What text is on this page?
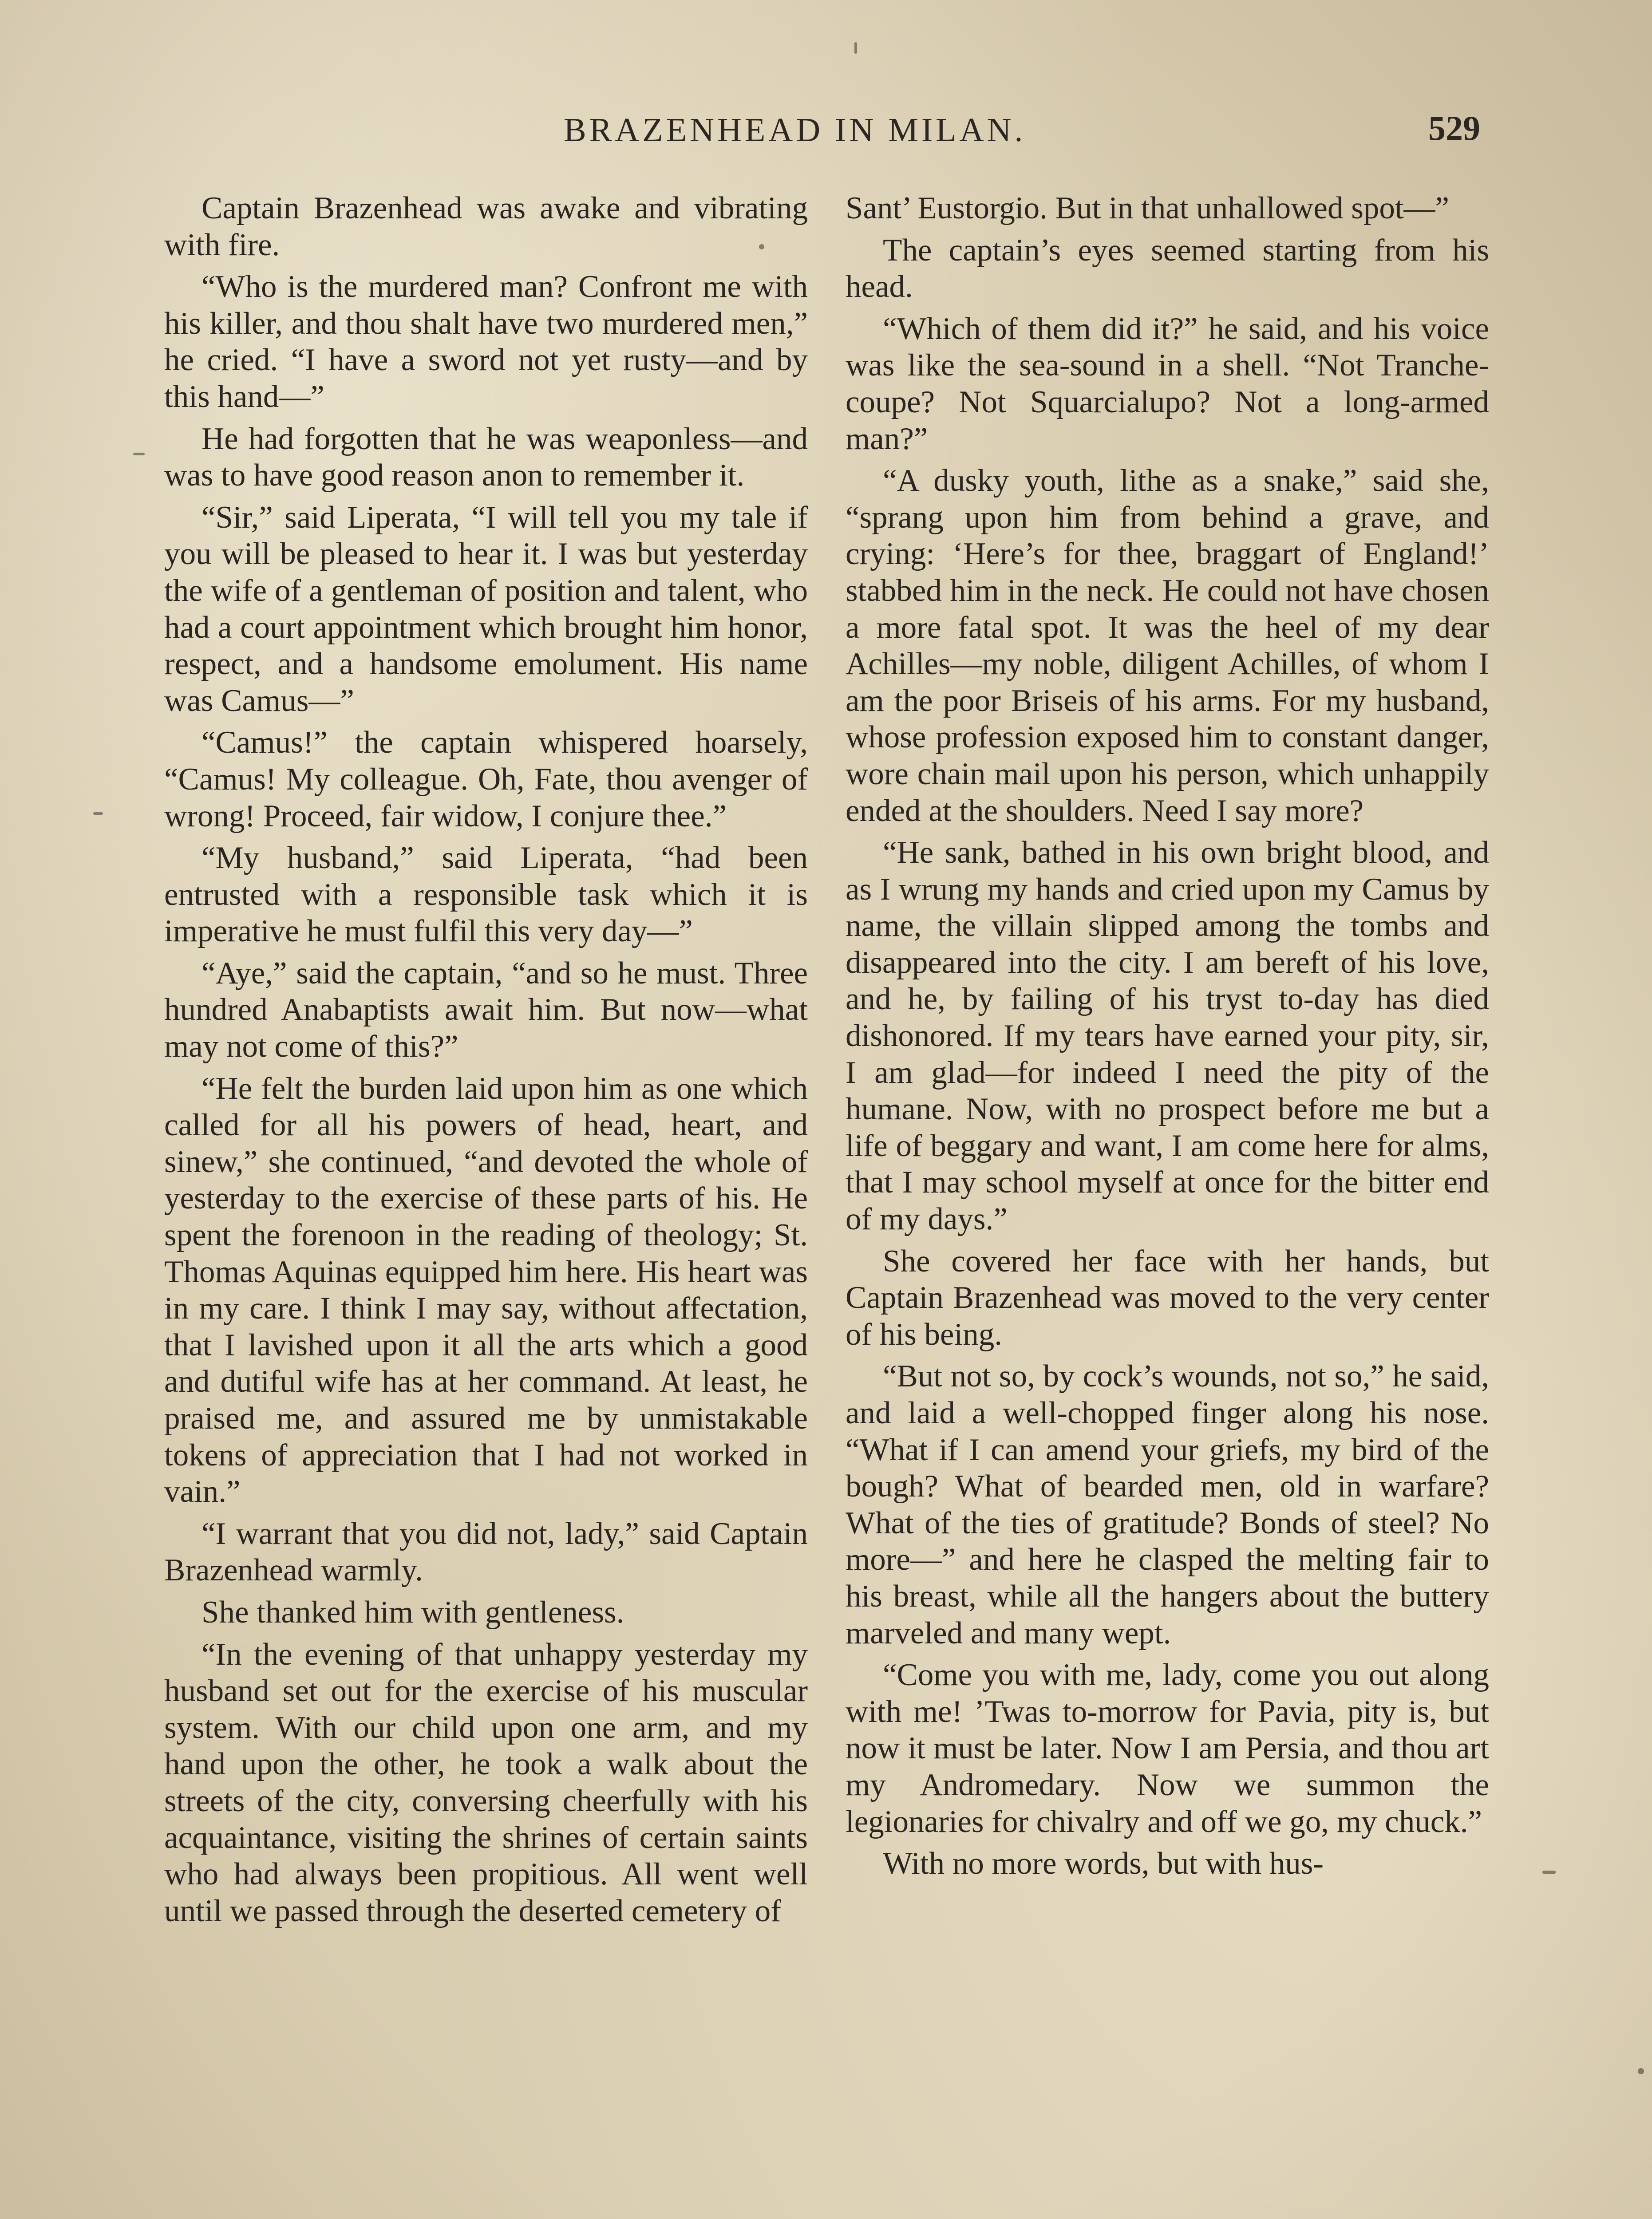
BRAZENHEAD IN MILAN.	529

Captain Brazenhead was awake and vibrating with fire.

“Who is the murdered man? Confront me with his killer, and thou shalt have two murdered men,” he cried. “I have a sword not yet rusty—and by this hand—”

He had forgotten that he was weaponless—and was to have good reason anon to remember it.

“Sir,” said Liperata, “I will tell you my tale if you will be pleased to hear it. I was but yesterday the wife of a gentleman of position and talent, who had a court appointment which brought him honor, respect, and a handsome emolument. His name was Camus—”

“Camus!” the captain whispered hoarsely, “Camus! My colleague. Oh, Fate, thou avenger of wrong! Proceed, fair widow, I conjure thee.”

“My husband,” said Liperata, “had been entrusted with a responsible task which it is imperative he must fulfil this very day—”

“Aye,” said the captain, “and so he must. Three hundred Anabaptists await him. But now—what may not come of this?”

“He felt the burden laid upon him as one which called for all his powers of head, heart, and sinew,” she continued, “and devoted the whole of yesterday to the exercise of these parts of his. He spent the forenoon in the reading of theology; St. Thomas Aquinas equipped him here. His heart was in my care. I think I may say, without affectation, that I lavished upon it all the arts which a good and dutiful wife has at her command. At least, he praised me, and assured me by unmistakable tokens of appreciation that I had not worked in vain.”

“I warrant that you did not, lady,” said Captain Brazenhead warmly.

She thanked him with gentleness.

“In the evening of that unhappy yesterday my husband set out for the exercise of his muscular system. With our child upon one arm, and my hand upon the other, he took a walk about the streets of the city, conversing cheerfully with his acquaintance, visiting the shrines of certain saints who had always been propitious. All went well until we passed through the deserted cemetery of

Sant’ Eustorgio. But in that unhallowed spot—”

The captain’s eyes seemed starting from his head.

“Which of them did it?” he said, and his voice was like the sea-sound in a shell. “Not Tranche-coupe? Not Squarcialupo? Not a long-armed man?”

“A dusky youth, lithe as a snake,” said she, “sprang upon him from behind a grave, and crying: ‘Here’s for thee, braggart of England!’ stabbed him in the neck. He could not have chosen a more fatal spot. It was the heel of my dear Achilles—my noble, diligent Achilles, of whom I am the poor Briseis of his arms. For my husband, whose profession exposed him to constant danger, wore chain mail upon his person, which unhappily ended at the shoulders. Need I say more?

“He sank, bathed in his own bright blood, and as I wrung my hands and cried upon my Camus by name, the villain slipped among the tombs and disappeared into the city. I am bereft of his love, and he, by failing of his tryst to-day has died dishonored. If my tears have earned your pity, sir, I am glad—for indeed I need the pity of the humane. Now, with no prospect before me but a life of beggary and want, I am come here for alms, that I may school myself at once for the bitter end of my days.”

She covered her face with her hands, but Captain Brazenhead was moved to the very center of his being.

“But not so, by cock’s wounds, not so,” he said, and laid a well-chopped finger along his nose. “What if I can amend your griefs, my bird of the bough? What of bearded men, old in warfare? What of the ties of gratitude? Bonds of steel? No more—” and here he clasped the melting fair to his breast, while all the hangers about the buttery marveled and many wept.

“Come you with me, lady, come you out along with me! ’Twas to-morrow for Pavia, pity is, but now it must be later. Now I am Persia, and thou art my Andromedary. Now we summon the legionaries for chivalry and off we go, my chuck.”

With no more words, but with hus-
